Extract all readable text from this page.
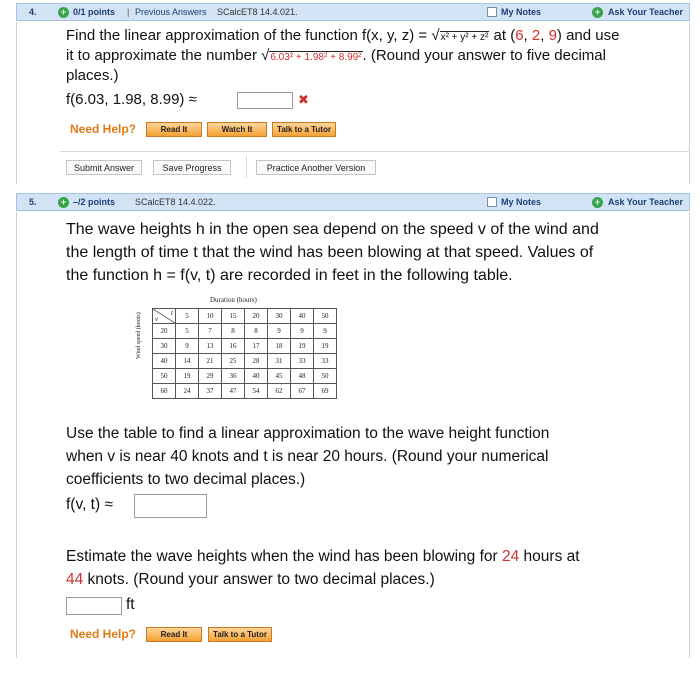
4.	+ 0/1 points | Previous Answers SCalcET8 14.4.021.	My Notes	+ Ask Your Teacher
Find the linear approximation of the function f(x, y, z) = √x² + y² + z² at (6, 2, 9) and use
it to approximate the number √6.03² + 1.98² + 8.99². (Round your answer to five decimal
places.)
f(6.03, 1.98, 8.99) ≈	✖
Need Help?	Read It	Watch It	Talk to a Tutor
Submit Answer	Save Progress	Practice Another Version
5.	+ –/2 points SCalcET8 14.4.022.	My Notes	+ Ask Your Teacher
The wave heights h in the open sea depend on the speed v of the wind and
the length of time t that the wind has been blowing at that speed. Values of
the function h = f(v, t) are recorded in feet in the following table.
Duration (hours)
Wind speed (knots)	t
v	5	10	15	20	30	40	50
20	5	7	8	8	9	9	9
30	9	13	16	17	18	19	19
40	14	21	25	28	31	33	33
50	19	29	36	40	45	48	50
60	24	37	47	54	62	67	69
Use the table to find a linear approximation to the wave height function
when v is near 40 knots and t is near 20 hours. (Round your numerical
coefficients to two decimal places.)
f(v, t) ≈
Estimate the wave heights when the wind has been blowing for 24 hours at
44 knots. (Round your answer to two decimal places.)
ft
Need Help?	Read It	Talk to a Tutor
